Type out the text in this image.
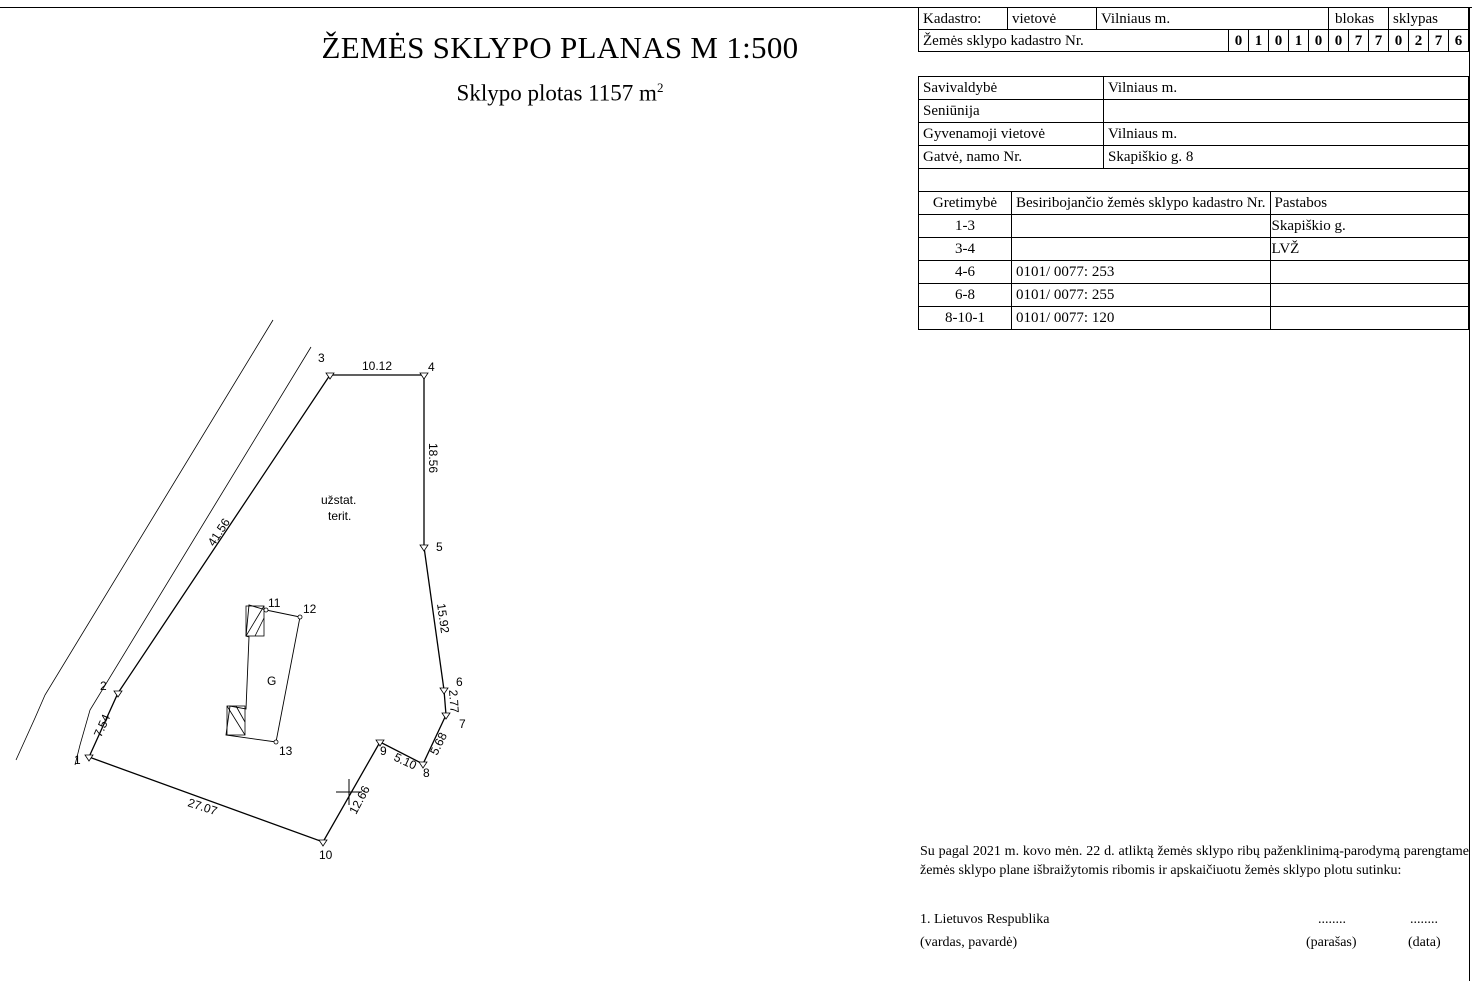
ŽEMĖS SKLYPO PLANAS M 1:500
Sklypo plotas 1157 $m^2$
Kadastro:	vietovė	Vilniaus m.						blokas			sklypas			
Žemės sklypo kadastro Nr.			0	1	0	1	0	0	7	7	0	2	7	6
Savivaldybė	Vilniaus m.
Seniūnija	
Gyvenamoji vietovė	Vilniaus m.
Gatvė, namo Nr.	Skapiškio g. 8

Gretimybė	Besiribojančio žemės sklypo kadastro Nr.	Pastabos
1-3		Skapiškio g.
3-4		LVŽ
4-6	0101/ 0077: 253	
6-8	0101/ 0077: 255	
8-10-1	0101/ 0077: 120	
1
2
3
4
5
6
7
8
9
10
11 12
13
7.54
41.56
10.12
18.56
15.92
2.77
5.68
5.10
12.66
27.07
užstat.
terit.
G
Su pagal 2021 m. kovo mėn. 22 d. atliktą žemės sklypo ribų paženklinimą-parodymą parengtame žemės sklypo plane išbraižytomis ribomis ir apskaičiuotu žemės sklypo plotu sutinku:
1. Lietuvos Respublika	........	........
(vardas, pavardė)	(parašas)	(data)
